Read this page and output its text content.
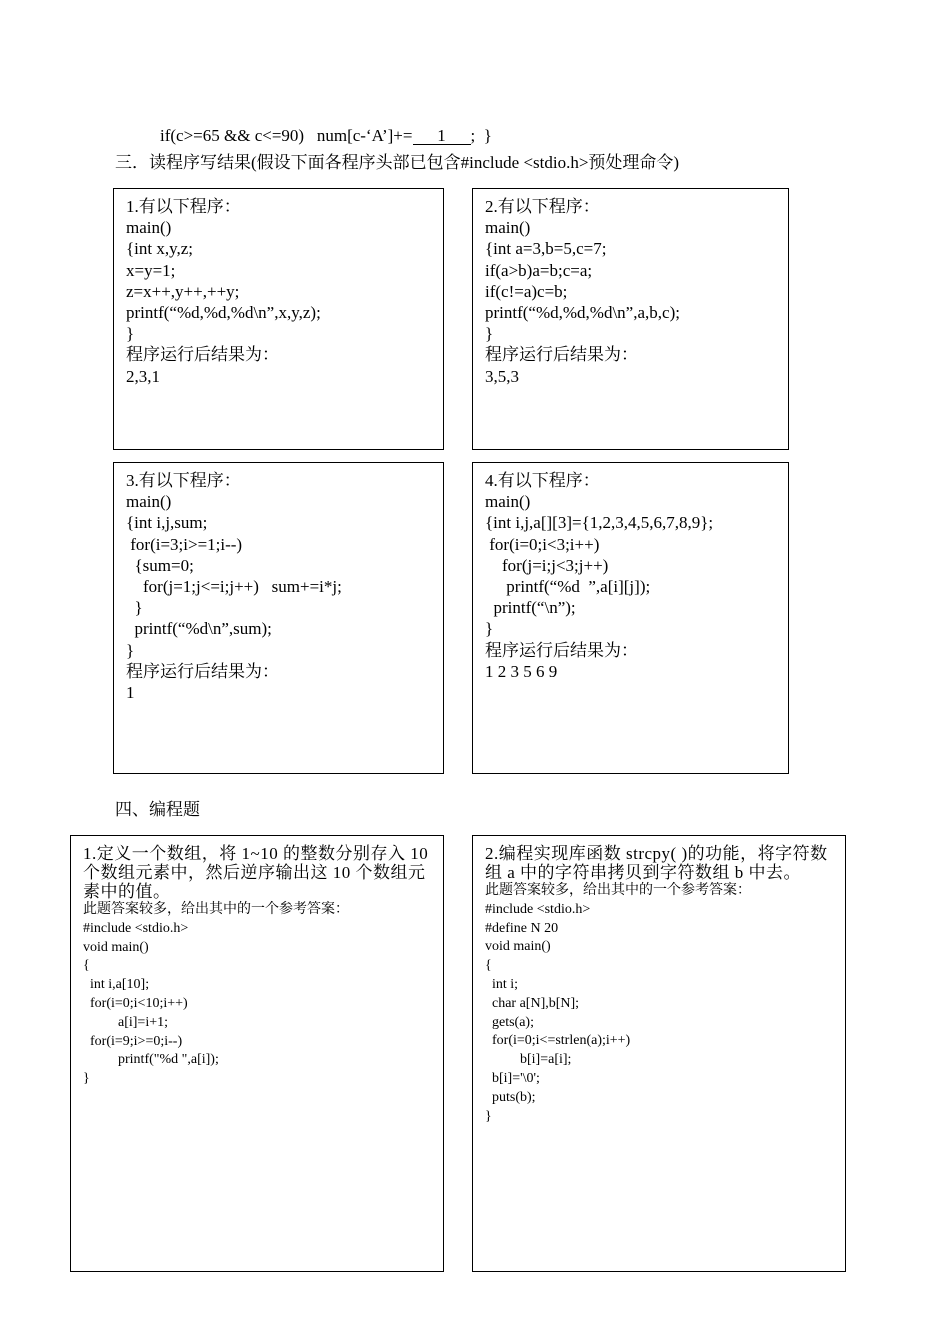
if(c>=65 && c<=90)   num[c-‘A’]+= 1 ;  }
三．读程序写结果(假设下面各程序头部已包含#include <stdio.h>预处理命令)
1.有以下程序：
main()
{int x,y,z;
x=y=1;
z=x++,y++,++y;
printf(“%d,%d,%d\n”,x,y,z);
}
程序运行后结果为：
2,3,1
2.有以下程序：
main()
{int a=3,b=5,c=7;
if(a>b)a=b;c=a;
if(c!=a)c=b;
printf(“%d,%d,%d\n”,a,b,c);
}
程序运行后结果为：
3,5,3
3.有以下程序：
main()
{int i,j,sum;
for(i=3;i>=1;i--)
{sum=0;
for(j=1;j<=i;j++)   sum+=i*j;
}
printf(“%d\n”,sum);
}
程序运行后结果为：
1
4.有以下程序：
main()
{int i,j,a[][3]={1,2,3,4,5,6,7,8,9};
for(i=0;i<3;i++)
for(j=i;j<3;j++)
printf(“%d  ”,a[i][j]);
printf(“\n”);
}
程序运行后结果为：
1 2 3 5 6 9
四、编程题
1.定义一个数组，将 1~10 的整数分别存入 10 个数组元素中，然后逆序输出这 10 个数组元素中的值。
此题答案较多，给出其中的一个参考答案：
#include <stdio.h>
void main()
{
int i,a[10];
for(i=0;i<10;i++)
a[i]=i+1;
for(i=9;i>=0;i--)
printf("%d ",a[i]);
}
2.编程实现库函数 strcpy( )的功能，将字符数组 a 中的字符串拷贝到字符数组 b 中去。
此题答案较多，给出其中的一个参考答案：
#include <stdio.h>
#define N 20
void main()
{
int i;
char a[N],b[N];
gets(a);
for(i=0;i<=strlen(a);i++)
b[i]=a[i];
b[i]='\0';
puts(b);
}
